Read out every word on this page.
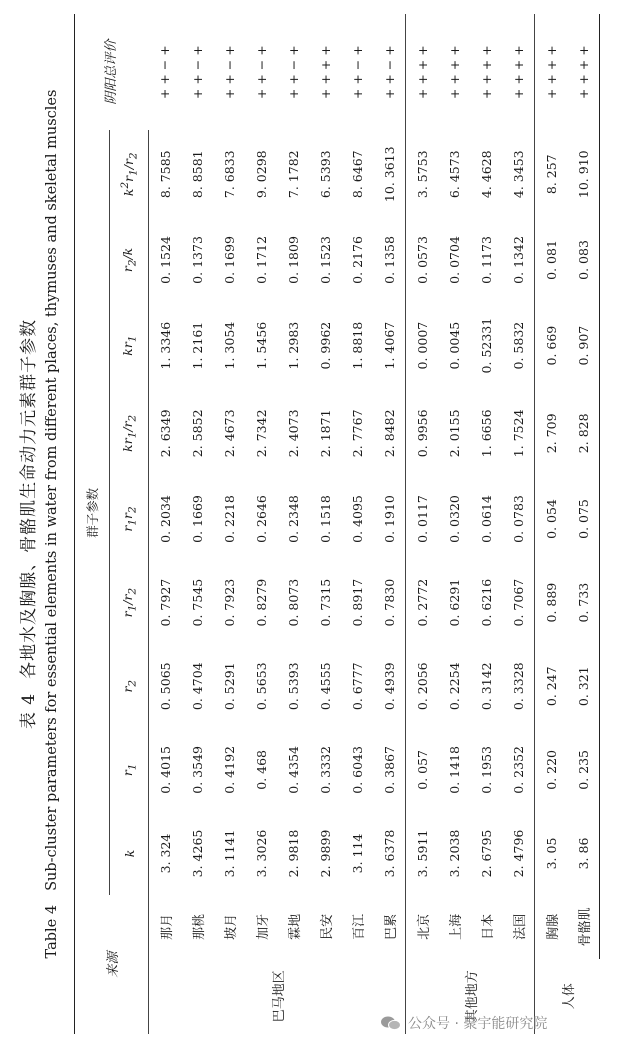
表 4各地水及胸腺、骨骼肌生命动力元素群子参数
Table 4Sub-cluster parameters for essential elements in water from different places, thymuses and skeletal muscles
来源		群子参数									阴阳总评价
		k	$r_1$	$r_2$	$r_1/r_2$	$r_1r_2$	$kr_1/r_2$	$kr_1$	$r_2/k$	$k^2r_1/r_2$
巴马地区	那月	3. 324	0. 4015	0. 5065	0. 7927	0. 2034	2. 6349	1. 3346	0. 1524	8. 7585	+ + − +
	那桃	3. 4265	0. 3549	0. 4704	0. 7545	0. 1669	2. 5852	1. 2161	0. 1373	8. 8581	+ + − +
	坡月	3. 1141	0. 4192	0. 5291	0. 7923	0. 2218	2. 4673	1. 3054	0. 1699	7. 6833	+ + − +
	加牙	3. 3026	0. 468	0. 5653	0. 8279	0. 2646	2. 7342	1. 5456	0. 1712	9. 0298	+ + − +
	霖地	2. 9818	0. 4354	0. 5393	0. 8073	0. 2348	2. 4073	1. 2983	0. 1809	7. 1782	+ + − +
	民安	2. 9899	0. 3332	0. 4555	0. 7315	0. 1518	2. 1871	0. 9962	0. 1523	6. 5393	+ + + +
	百江	3. 114	0. 6043	0. 6777	0. 8917	0. 4095	2. 7767	1. 8818	0. 2176	8. 6467	+ + − +
	巴累	3. 6378	0. 3867	0. 4939	0. 7830	0. 1910	2. 8482	1. 4067	0. 1358	10. 3613	+ + − +
其他地方	北京	3. 5911	0. 057	0. 2056	0. 2772	0. 0117	0. 9956	0. 0007	0. 0573	3. 5753	+ + + +
	上海	3. 2038	0. 1418	0. 2254	0. 6291	0. 0320	2. 0155	0. 0045	0. 0704	6. 4573	+ + + +
	日本	2. 6795	0. 1953	0. 3142	0. 6216	0. 0614	1. 6656	0. 52331	0. 1173	4. 4628	+ + + +
	法国	2. 4796	0. 2352	0. 3328	0. 7067	0. 0783	1. 7524	0. 5832	0. 1342	4. 3453	+ + + +
人体	胸腺	3. 05	0. 220	0. 247	0. 889	0. 054	2. 709	0. 669	0. 081	8. 257	+ + + +
	骨骼肌	3. 86	0. 235	0. 321	0. 733	0. 075	2. 828	0. 907	0. 083	10. 910	+ + + +
公众号 · 聚宇能研究院
